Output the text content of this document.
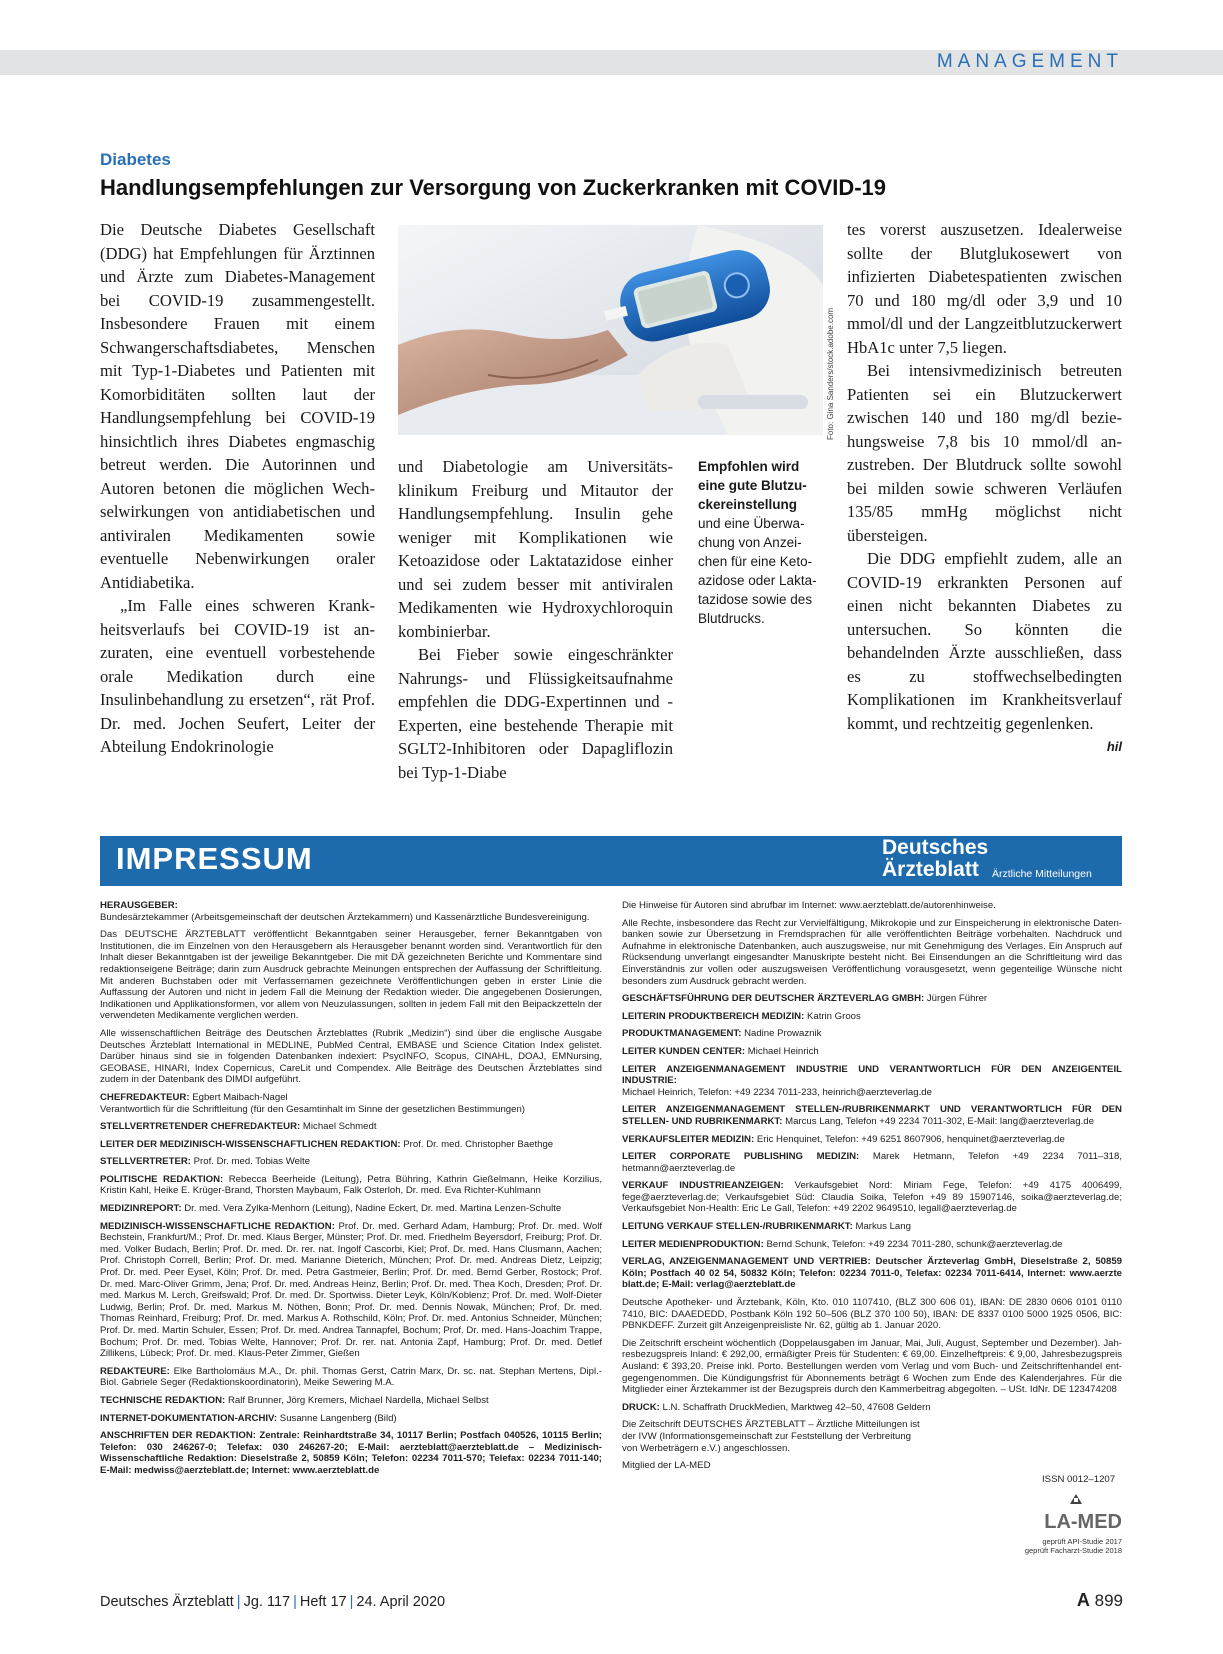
MANAGEMENT
Diabetes
Handlungsempfehlungen zur Versorgung von Zuckerkranken mit COVID-19

Die Deutsche Diabetes Gesellschaft (DDG) hat Empfehlungen für Ärztinnen und Ärzte zum Diabetes-Management bei COVID-19 zusammengestellt. Insbesondere Frauen mit einem Schwangerschaftsdiabetes, Menschen mit Typ-1-Diabetes und Patienten mit Komorbiditäten sollten laut der Handlungsempfehlung bei COVID-19 hinsichtlich ihres Diabetes engmaschig betreut werden. Die Autorinnen und Autoren betonen die möglichen Wechselwirkungen von antidiabetischen und antiviralen Medikamenten sowie eventuelle Nebenwirkungen oraler Antidiabetika.

„Im Falle eines schweren Krankheitsverlaufs bei COVID-19 ist anzuraten, eine eventuell vorbestehende orale Medikation durch eine Insulinbehandlung zu ersetzen“, rät Prof. Dr. med. Jochen Seufert, Leiter der Abteilung Endokrinologie

Foto: Gina Sanders/stock.adobe.com

und Diabetologie am Universitätsklinikum Freiburg und Mitautor der Handlungsempfehlung. Insulin gehe weniger mit Komplikationen wie Ketoazidose oder Laktatazidose einher und sei zudem besser mit antiviralen Medikamenten wie Hydroxychloroquin kombinierbar.

Bei Fieber sowie eingeschränkter Nahrungs- und Flüssigkeitsaufnahme empfehlen die DDG-Expertinnen und -Experten, eine bestehende Therapie mit SGLT2-Inhibitoren oder Dapagliflozin bei Typ-1-Diabe

Empfohlen wird eine gute Blutzuckereinstellung
und eine Überwachung von Anzeichen für eine Ketoazidose oder Laktatazidose sowie des Blutdrucks.

tes vorerst auszusetzen. Idealerweise sollte der Blutglukosewert von infizierten Diabetespatienten zwischen 70 und 180 mg/dl oder 3,9 und 10 mmol/dl und der Langzeitblutzuckerwert HbA1c unter 7,5 liegen.

Bei intensivmedizinisch betreuten Patienten sei ein Blutzuckerwert zwischen 140 und 180 mg/dl beziehungsweise 7,8 bis 10 mmol/dl anzustreben. Der Blutdruck sollte sowohl bei milden sowie schweren Verläufen 135/85 mmHg möglichst nicht übersteigen.

Die DDG empfiehlt zudem, alle an COVID-19 erkrankten Personen auf einen nicht bekannten Diabetes zu untersuchen. So könnten die behandelnden Ärzte ausschließen, dass es zu stoffwechselbedingten Komplikationen im Krankheitsverlauf kommt, und rechtzeitig gegenlenken.
hil

IMPRESSUM	Deutsches
Ärzteblatt Ärztliche Mitteilungen

HERAUSGEBER:
Bundesärztekammer (Arbeitsgemeinschaft der deutschen Ärztekammern) und Kassenärztliche Bundesvereinigung.

Das DEUTSCHE ÄRZTEBLATT veröffentlicht Bekanntgaben seiner Herausgeber, ferner Bekanntgaben von Institutionen, die im Einzelnen von den Herausgebern als Herausgeber benannt worden sind. Verantwortlich für den Inhalt dieser Bekanntgaben ist der jeweilige Bekanntgeber. Die mit DÄ gezeichneten Berichte und Kommentare sind redaktionseigene Beiträge; darin zum Ausdruck gebrachte Meinungen entsprechen der Auffassung der Schriftleitung. Mit anderen Buchstaben oder mit Verfassernamen gezeichnete Veröffentlichungen geben in erster Linie die Auffassung der Autoren und nicht in jedem Fall die Meinung der Redaktion wieder. Die angegebenen Dosierungen, Indikationen und Applikationsformen, vor allem von Neuzulassungen, sollten in jedem Fall mit den Beipackzetteln der verwendeten Medikamente verglichen werden.

Alle wissenschaftlichen Beiträge des Deutschen Ärzteblattes (Rubrik „Medizin“) sind über die englische Ausgabe Deutsches Ärzteblatt International in MEDLINE, PubMed Central, EMBASE und Science Citation Index gelistet. Darüber hinaus sind sie in folgenden Datenbanken indexiert: PsycINFO, Scopus, CINAHL, DOAJ, EMNursing, GEOBASE, HINARI, Index Copernicus, CareLit und Compendex. Alle Beiträge des Deutschen Ärzteblattes sind zudem in der Datenbank des DIMDI aufgeführt.

CHEFREDAKTEUR: Egbert Maibach-Nagel
Verantwortlich für die Schriftleitung (für den Gesamtinhalt im Sinne der gesetzlichen Bestimmungen)

STELLVERTRETENDER CHEFREDAKTEUR: Michael Schmedt

LEITER DER MEDIZINISCH-WISSENSCHAFTLICHEN REDAKTION: Prof. Dr. med. Christopher Baethge

STELLVERTRETER: Prof. Dr. med. Tobias Welte

POLITISCHE REDAKTION: Rebecca Beerheide (Leitung), Petra Bühring, Kathrin Gießelmann, Heike Korzilius, Kristin Kahl, Heike E. Krüger-Brand, Thorsten Maybaum, Falk Osterloh, Dr. med. Eva Richter-Kuhlmann

MEDIZINREPORT: Dr. med. Vera Zylka-Menhorn (Leitung), Nadine Eckert, Dr. med. Martina Lenzen-Schulte

MEDIZINISCH-WISSENSCHAFTLICHE REDAKTION: Prof. Dr. med. Gerhard Adam, Hamburg; Prof. Dr. med. Wolf Bechstein, Frankfurt/M.; Prof. Dr. med. Klaus Berger, Münster; Prof. Dr. med. Friedhelm Beyersdorf, Freiburg; Prof. Dr. med. Volker Budach, Berlin; Prof. Dr. med. Dr. rer. nat. Ingolf Cascorbi, Kiel; Prof. Dr. med. Hans Clusmann, Aachen; Prof. Christoph Correll, Berlin; Prof. Dr. med. Marianne Dieterich, München; Prof. Dr. med. Andreas Dietz, Leipzig; Prof. Dr. med. Peer Eysel, Köln; Prof. Dr. med. Petra Gastmeier, Berlin; Prof. Dr. med. Bernd Gerber, Rostock; Prof. Dr. med. Marc-Oliver Grimm, Jena; Prof. Dr. med. Andreas Heinz, Berlin; Prof. Dr. med. Thea Koch, Dresden; Prof. Dr. med. Markus M. Lerch, Greifswald; Prof. Dr. med. Dr. Sportwiss. Dieter Leyk, Köln/Koblenz; Prof. Dr. med. Wolf-Dieter Ludwig, Berlin; Prof. Dr. med. Markus M. Nöthen, Bonn; Prof. Dr. med. Dennis Nowak, München; Prof. Dr. med. Thomas Reinhard, Freiburg; Prof. Dr. med. Markus A. Rothschild, Köln; Prof. Dr. med. Antonius Schneider, München; Prof. Dr. med. Martin Schuler, Essen; Prof. Dr. med. Andrea Tannapfel, Bochum; Prof. Dr. med. Hans-Joachim Trappe, Bochum; Prof. Dr. med. Tobias Welte, Hannover; Prof. Dr. rer. nat. Antonia Zapf, Hamburg; Prof. Dr. med. Detlef Zillikens, Lübeck; Prof. Dr. med. Klaus-Peter Zimmer, Gießen

REDAKTEURE: Elke Bartholomäus M.A., Dr. phil. Thomas Gerst, Catrin Marx, Dr. sc. nat. Stephan Mertens, Dipl.-Biol. Gabriele Seger (Redaktionskoordinatorin), Meike Sewering M.A.

TECHNISCHE REDAKTION: Ralf Brunner, Jörg Kremers, Michael Nardella, Michael Selbst

INTERNET-DOKUMENTATION-ARCHIV: Susanne Langenberg (Bild)

ANSCHRIFTEN DER REDAKTION: Zentrale: Reinhardtstraße 34, 10117 Berlin; Postfach 040526, 10115 Berlin; Telefon: 030 246267-0; Telefax: 030 246267-20; E-Mail: aerzteblatt@aerzteblatt.de – Medizinisch-Wissenschaftliche Redaktion: Dieselstraße 2, 50859 Köln; Telefon: 02234 7011-570; Telefax: 02234 7011-140; E-Mail: medwiss@aerzteblatt.de; Internet: www.aerzteblatt.de

Die Hinweise für Autoren sind abrufbar im Internet: www.aerzteblatt.de/autorenhinweise.

Alle Rechte, insbesondere das Recht zur Vervielfältigung, Mikrokopie und zur Einspeicherung in elektronische Datenbanken sowie zur Übersetzung in Fremdsprachen für alle veröffentlichten Beiträge vorbehalten. Nachdruck und Aufnahme in elektronische Datenbanken, auch auszugsweise, nur mit Genehmigung des Verlages. Ein Anspruch auf Rücksendung unverlangt eingesandter Manuskripte besteht nicht. Bei Einsendungen an die Schriftleitung wird das Einverständnis zur vollen oder auszugsweisen Veröffentlichung vorausgesetzt, wenn gegenteilige Wünsche nicht besonders zum Ausdruck gebracht werden.

GESCHÄFTSFÜHRUNG DER DEUTSCHER ÄRZTEVERLAG GMBH: Jürgen Führer

LEITERIN PRODUKTBEREICH MEDIZIN: Katrin Groos

PRODUKTMANAGEMENT: Nadine Prowaznik

LEITER KUNDEN CENTER: Michael Heinrich

LEITER ANZEIGENMANAGEMENT INDUSTRIE UND VERANTWORTLICH FÜR DEN ANZEIGENTEIL INDUSTRIE:
Michael Heinrich, Telefon: +49 2234 7011-233, heinrich@aerzteverlag.de

LEITER ANZEIGENMANAGEMENT STELLEN-/RUBRIKENMARKT UND VERANTWORTLICH FÜR DEN STELLEN- UND RUBRIKENMARKT: Marcus Lang, Telefon +49 2234 7011-302, E-Mail: lang@aerzteverlag.de

VERKAUFSLEITER MEDIZIN: Eric Henquinet, Telefon: +49 6251 8607906, henquinet@aerzteverlag.de

LEITER CORPORATE PUBLISHING MEDIZIN: Marek Hetmann, Telefon +49 2234 7011–318, hetmann@aerzteverlag.de

VERKAUF INDUSTRIEANZEIGEN: Verkaufsgebiet Nord: Miriam Fege, Telefon: +49 4175 4006499, fege@aerzteverlag.de; Verkaufsgebiet Süd: Claudia Soika, Telefon +49 89 15907146, soika@aerzteverlag.de; Verkaufsgebiet Non-Health: Eric Le Gall, Telefon: +49 2202 9649510, legall@aerzteverlag.de

LEITUNG VERKAUF STELLEN-/RUBRIKENMARKT: Markus Lang

LEITER MEDIENPRODUKTION: Bernd Schunk, Telefon: +49 2234 7011-280, schunk@aerzteverlag.de

VERLAG, ANZEIGENMANAGEMENT UND VERTRIEB: Deutscher Ärzteverlag GmbH, Dieselstraße 2, 50859 Köln; Postfach 40 02 54, 50832 Köln; Telefon: 02234 7011-0, Telefax: 02234 7011-6414, Internet: www.aerzte blatt.de; E-Mail: verlag@aerzteblatt.de

Deutsche Apotheker- und Ärztebank, Köln, Kto. 010 1107410, (BLZ 300 606 01), IBAN: DE 2830 0606 0101 0110 7410, BIC: DAAEDEDD, Postbank Köln 192 50–506 (BLZ 370 100 50), IBAN: DE 8337 0100 5000 1925 0506, BIC: PBNKDEFF. Zurzeit gilt Anzeigenpreisliste Nr. 62, gültig ab 1. Januar 2020.

Die Zeitschrift erscheint wöchentlich (Doppelausgaben im Januar, Mai, Juli, August, September und Dezember). Jahresbezugspreis Inland: € 292,00, ermäßigter Preis für Studenten: € 69,00. Einzelheftpreis: € 9,00, Jahresbezugspreis Ausland: € 393,20. Preise inkl. Porto. Bestellungen werden vom Verlag und vom Buch- und Zeitschriftenhandel entgegengenommen. Die Kündigungsfrist für Abonnements beträgt 6 Wochen zum Ende des Kalenderjahres. Für die Mitglieder einer Ärztekammer ist der Bezugspreis durch den Kammerbeitrag abgegolten. – USt. IdNr. DE 123474208

DRUCK: L.N. Schaffrath DruckMedien, Marktweg 42–50, 47608 Geldern

Die Zeitschrift DEUTSCHES ÄRZTEBLATT – Ärztliche Mitteilungen ist der IVW (Informationsgemeinschaft zur Feststellung der Verbreitung von Werbeträgern e.V.) angeschlossen.

Mitglied der LA-MED

ISSN 0012–1207
LA-MED
geprüft API-Studie 2017
geprüft Facharzt-Studie 2018
Deutsches Ärzteblatt | Jg. 117 | Heft 17 | 24. April 2020	A 899
